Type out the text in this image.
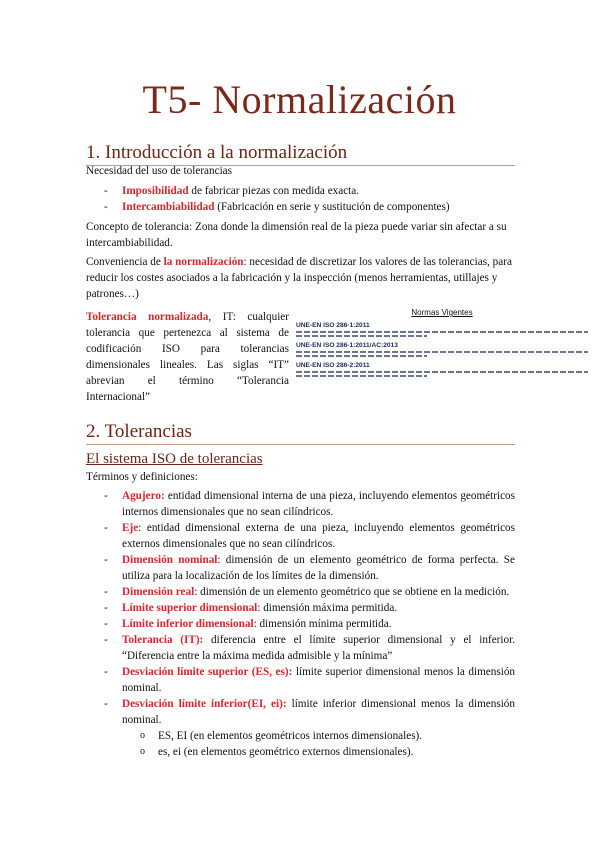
T5- Normalización
1. Introducción a la normalización
Necesidad del uso de tolerancias
- Imposibilidad de fabricar piezas con medida exacta.
- Intercambiabilidad (Fabricación en serie y sustitución de componentes)
Concepto de tolerancia: Zona donde la dimensión real de la pieza puede variar sin afectar a su intercambiabilidad.
Conveniencia de la normalización: necesidad de discretizar los valores de las tolerancias, para reducir los costes asociados a la fabricación y la inspección (menos herramientas, utillajes y patrones…)
Tolerancia normalizada, IT: cualquier tolerancia que pertenezca al sistema de codificación ISO para tolerancias dimensionales lineales. Las siglas “IT” abrevian el término “Tolerancia Internacional”
Normas Vigentes
UNE-EN ISO 286-1:2011
UNE-EN ISO 286-1:2011/AC:2013
UNE-EN ISO 286-2:2011
2. Tolerancias
El sistema ISO de tolerancias
Términos y definiciones:
- Agujero: entidad dimensional interna de una pieza, incluyendo elementos geométricos internos dimensionales que no sean cilíndricos.
- Eje: entidad dimensional externa de una pieza, incluyendo elementos geométricos externos dimensionales que no sean cilíndricos.
- Dimensión nominal: dimensión de un elemento geométrico de forma perfecta. Se utiliza para la localización de los límites de la dimensión.
- Dimensión real: dimensión de un elemento geométrico que se obtiene en la medición.
- Límite superior dimensional: dimensión máxima permitida.
- Límite inferior dimensional: dimensión mínima permitida.
- Tolerancia (IT): diferencia entre el límite superior dimensional y el inferior. “Diferencia entre la máxima medida admisible y la mínima”
- Desviación límite superior (ES, es): límite superior dimensional menos la dimensión nominal.
- Desviación límite inferior(EI, ei): límite inferior dimensional menos la dimensión nominal.
o ES, EI (en elementos geométricos internos dimensionales).
o es, ei (en elementos geométrico externos dimensionales).
